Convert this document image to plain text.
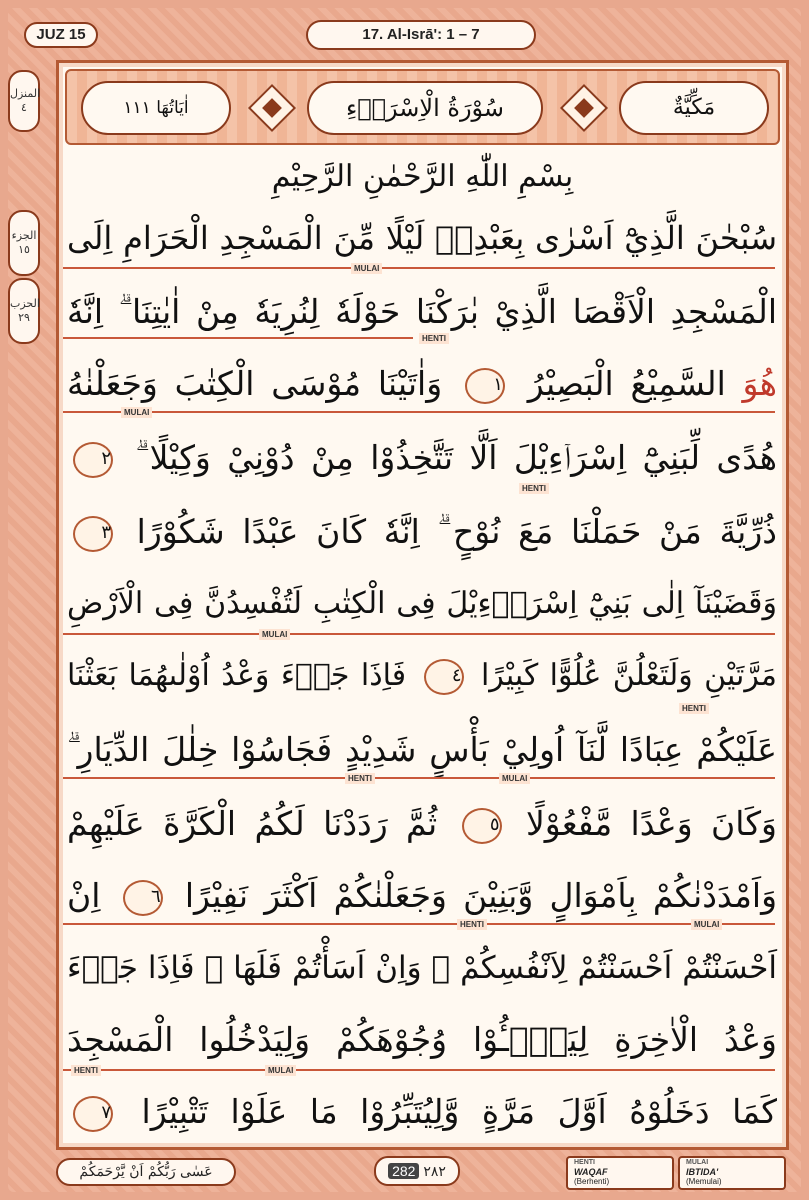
JUZ 15	17. Al-Isrā': 1 – 7
المنزل
٤
الجزء
١٥
الحزب
٢٩
اٰيَاتُهَا ١١١	سُوْرَةُ الْاِسْرَاۤءِ	مَكِّيَّةٌ
بِسْمِ اللّٰهِ الرَّحْمٰنِ الرَّحِيْمِ
سُبْحٰنَ الَّذِيْٓ اَسْرٰى بِعَبْدِهٖ لَيْلًا مِّنَ الْمَسْجِدِ الْحَرَامِ اِلَى
MULAI
الْمَسْجِدِ الْاَقْصَا الَّذِيْ بٰرَكْنَا حَوْلَهٗ لِنُرِيَهٗ مِنْ اٰيٰتِنَا ۗ اِنَّهٗ
HENTI
هُوَ السَّمِيْعُ الْبَصِيْرُ ١ وَاٰتَيْنَا مُوْسَى الْكِتٰبَ وَجَعَلْنٰهُ
MULAI
هُدًى لِّبَنِيْٓ اِسْرَاۤءِيْلَ اَلَّا تَتَّخِذُوْا مِنْ دُوْنِيْ وَكِيْلًا ۗ ٢
HENTI
ذُرِّيَّةَ مَنْ حَمَلْنَا مَعَ نُوْحٍ ۗ اِنَّهٗ كَانَ عَبْدًا شَكُوْرًا ٣
وَقَضَيْنَآ اِلٰى بَنِيْٓ اِسْرَاۤءِيْلَ فِى الْكِتٰبِ لَتُفْسِدُنَّ فِى الْاَرْضِ
MULAI
مَرَّتَيْنِ وَلَتَعْلُنَّ عُلُوًّا كَبِيْرًا ٤ فَاِذَا جَاۤءَ وَعْدُ اُوْلٰىهُمَا بَعَثْنَا
HENTI
عَلَيْكُمْ عِبَادًا لَّنَآ اُولِيْ بَأْسٍ شَدِيْدٍ فَجَاسُوْا خِلٰلَ الدِّيَارِ ۗ
HENTI	MULAI
وَكَانَ وَعْدًا مَّفْعُوْلًا ٥ ثُمَّ رَدَدْنَا لَكُمُ الْكَرَّةَ عَلَيْهِمْ
وَاَمْدَدْنٰكُمْ بِاَمْوَالٍ وَّبَنِيْنَ وَجَعَلْنٰكُمْ اَكْثَرَ نَفِيْرًا ٦ اِنْ
HENTI	MULAI
اَحْسَنْتُمْ اَحْسَنْتُمْ لِاَنْفُسِكُمْ ۗ وَاِنْ اَسَأْتُمْ فَلَهَا ۗ فَاِذَا جَاۤءَ
وَعْدُ الْاٰخِرَةِ لِيَسٗۤـُٔوْا وُجُوْهَكُمْ وَلِيَدْخُلُوا الْمَسْجِدَ
HENTI	MULAI
كَمَا دَخَلُوْهُ اَوَّلَ مَرَّةٍ وَّلِيُتَبِّرُوْا مَا عَلَوْا تَتْبِيْرًا ٧
عَسٰى رَبُّكُمْ اَنْ يَّرْحَمَكُمْ	282 ٢٨٢
HENTI
WAQAF
(Berhenti)
MULAI
IBTIDA'
(Memulai)
